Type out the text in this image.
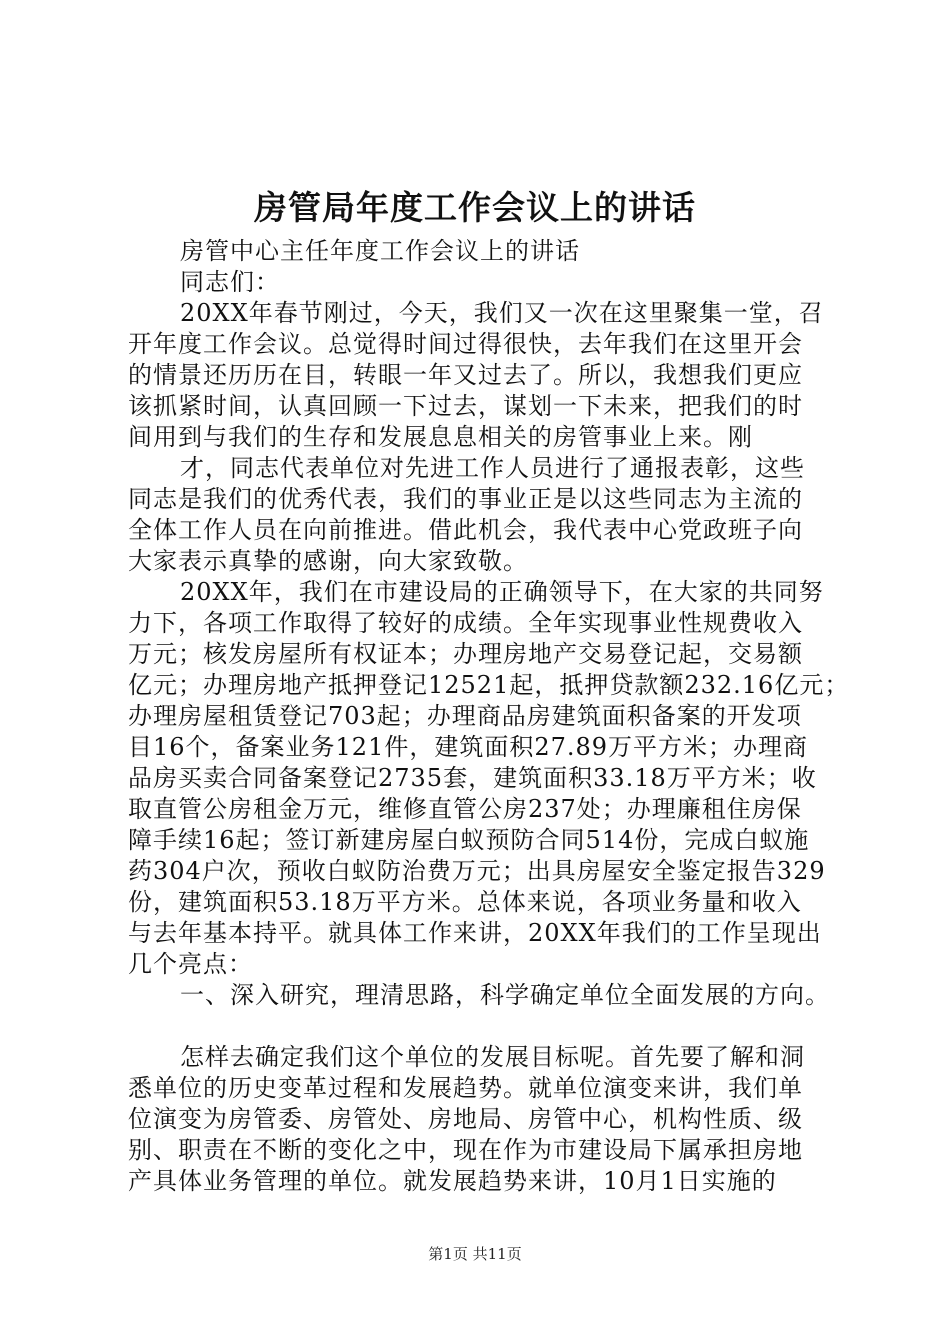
房管局年度工作会议上的讲话
房管中心主任年度工作会议上的讲话
同志们：
20XX年春节刚过，今天，我们又一次在这里聚集一堂，召
开年度工作会议。总觉得时间过得很快，去年我们在这里开会
的情景还历历在目，转眼一年又过去了。所以，我想我们更应
该抓紧时间，认真回顾一下过去，谋划一下未来，把我们的时
间用到与我们的生存和发展息息相关的房管事业上来。刚
才，同志代表单位对先进工作人员进行了通报表彰，这些
同志是我们的优秀代表，我们的事业正是以这些同志为主流的
全体工作人员在向前推进。借此机会，我代表中心党政班子向
大家表示真挚的感谢，向大家致敬。
20XX年，我们在市建设局的正确领导下，在大家的共同努
力下，各项工作取得了较好的成绩。全年实现事业性规费收入
万元；核发房屋所有权证本；办理房地产交易登记起，交易额
亿元；办理房地产抵押登记12521起，抵押贷款额232.16亿元；
办理房屋租赁登记703起；办理商品房建筑面积备案的开发项
目16个，备案业务121件，建筑面积27.89万平方米；办理商
品房买卖合同备案登记2735套，建筑面积33.18万平方米；收
取直管公房租金万元，维修直管公房237处；办理廉租住房保
障手续16起；签订新建房屋白蚁预防合同514份，完成白蚁施
药304户次，预收白蚁防治费万元；出具房屋安全鉴定报告329
份，建筑面积53.18万平方米。总体来说，各项业务量和收入
与去年基本持平。就具体工作来讲，20XX年我们的工作呈现出
几个亮点：
一、深入研究，理清思路，科学确定单位全面发展的方向。
怎样去确定我们这个单位的发展目标呢。首先要了解和洞
悉单位的历史变革过程和发展趋势。就单位演变来讲，我们单
位演变为房管委、房管处、房地局、房管中心，机构性质、级
别、职责在不断的变化之中，现在作为市建设局下属承担房地
产具体业务管理的单位。就发展趋势来讲，10月1日实施的
第1页 共11页
